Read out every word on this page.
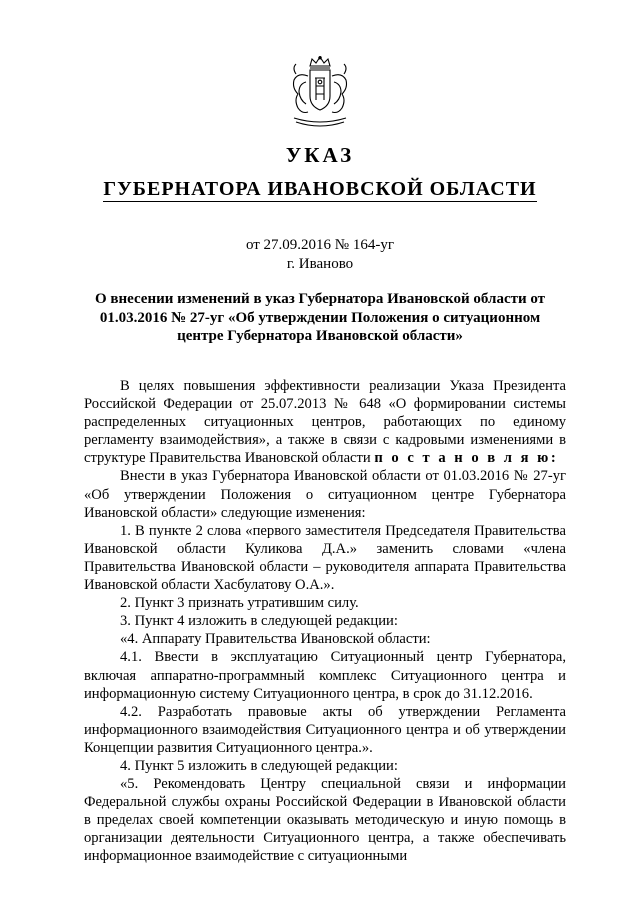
УКАЗ
ГУБЕРНАТОРА ИВАНОВСКОЙ ОБЛАСТИ
от 27.09.2016 № 164-уг
г. Иваново
О внесении изменений в указ Губернатора Ивановской области от 01.03.2016 № 27-уг «Об утверждении Положения о ситуационном центре Губернатора Ивановской области»

В целях повышения эффективности реализации Указа Президента Российской Федерации от 25.07.2013 № 648 «О формировании системы распределенных ситуационных центров, работающих по единому регламенту взаимодействия», а также в связи с кадровыми изменениями в структуре Правительства Ивановской области п о с т а н о в л я ю:

Внести в указ Губернатора Ивановской области от 01.03.2016 № 27-уг «Об утверждении Положения о ситуационном центре Губернатора Ивановской области» следующие изменения:

1. В пункте 2 слова «первого заместителя Председателя Правительства Ивановской области Куликова Д.А.» заменить словами «члена Правительства Ивановской области – руководителя аппарата Правительства Ивановской области Хасбулатову О.А.».

2. Пункт 3 признать утратившим силу.

3. Пункт 4 изложить в следующей редакции:

«4. Аппарату Правительства Ивановской области:

4.1. Ввести в эксплуатацию Ситуационный центр Губернатора, включая аппаратно-программный комплекс Ситуационного центра и информационную систему Ситуационного центра, в срок до 31.12.2016.

4.2. Разработать правовые акты об утверждении Регламента информационного взаимодействия Ситуационного центра и об утверждении Концепции развития Ситуационного центра.».

4. Пункт 5 изложить в следующей редакции:

«5. Рекомендовать Центру специальной связи и информации Федеральной службы охраны Российской Федерации в Ивановской области в пределах своей компетенции оказывать методическую и иную помощь в организации деятельности Ситуационного центра, а также обеспечивать информационное взаимодействие с ситуационными
